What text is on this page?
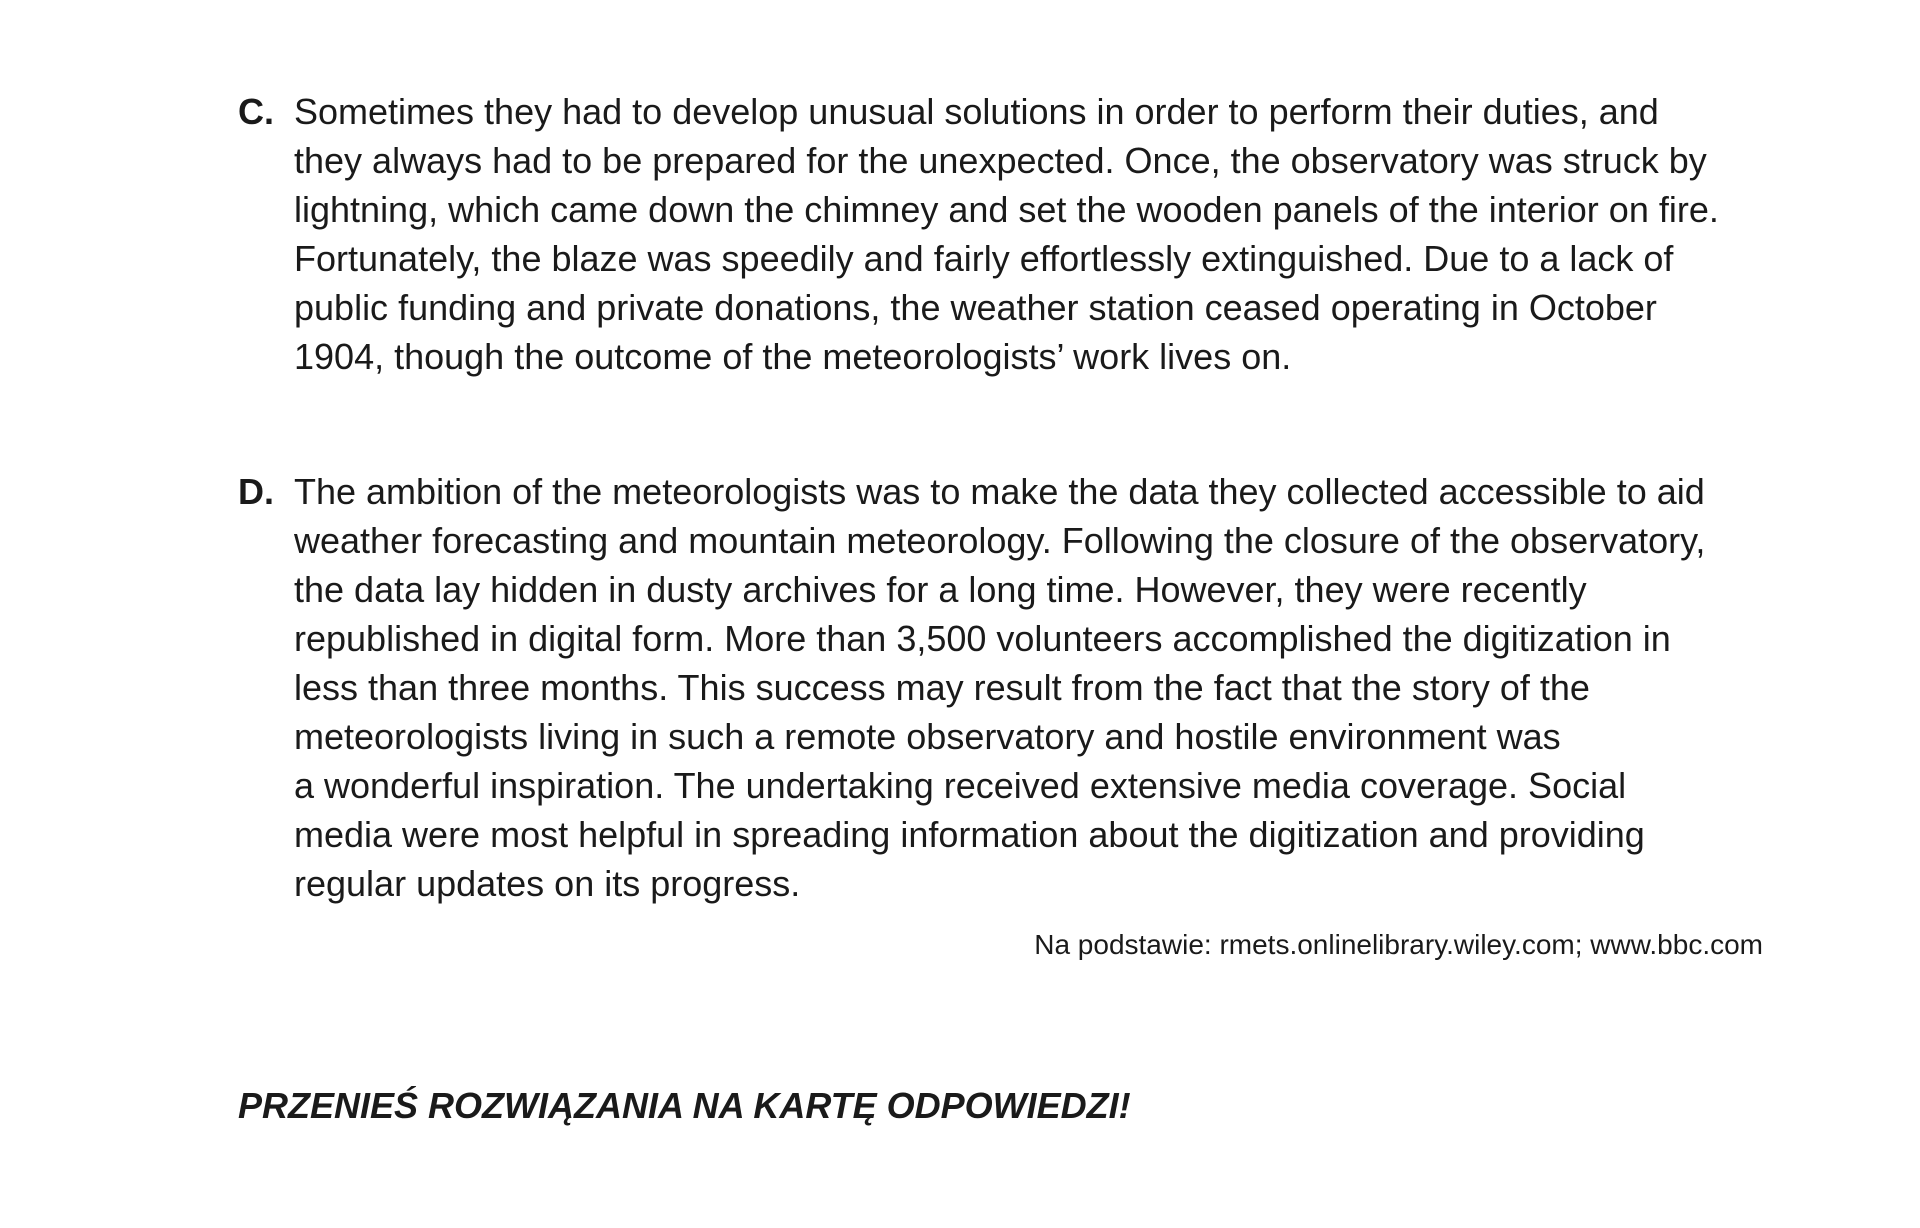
C. Sometimes they had to develop unusual solutions in order to perform their duties, and
they always had to be prepared for the unexpected. Once, the observatory was struck by
lightning, which came down the chimney and set the wooden panels of the interior on fire.
Fortunately, the blaze was speedily and fairly effortlessly extinguished. Due to a lack of
public funding and private donations, the weather station ceased operating in October
1904, though the outcome of the meteorologists’ work lives on.
D. The ambition of the meteorologists was to make the data they collected accessible to aid
weather forecasting and mountain meteorology. Following the closure of the observatory,
the data lay hidden in dusty archives for a long time. However, they were recently
republished in digital form. More than 3,500 volunteers accomplished the digitization in
less than three months. This success may result from the fact that the story of the
meteorologists living in such a remote observatory and hostile environment was
a wonderful inspiration. The undertaking received extensive media coverage. Social
media were most helpful in spreading information about the digitization and providing
regular updates on its progress.
Na podstawie: rmets.onlinelibrary.wiley.com; www.bbc.com
PRZENIEŚ ROZWIĄZANIA NA KARTĘ ODPOWIEDZI!
